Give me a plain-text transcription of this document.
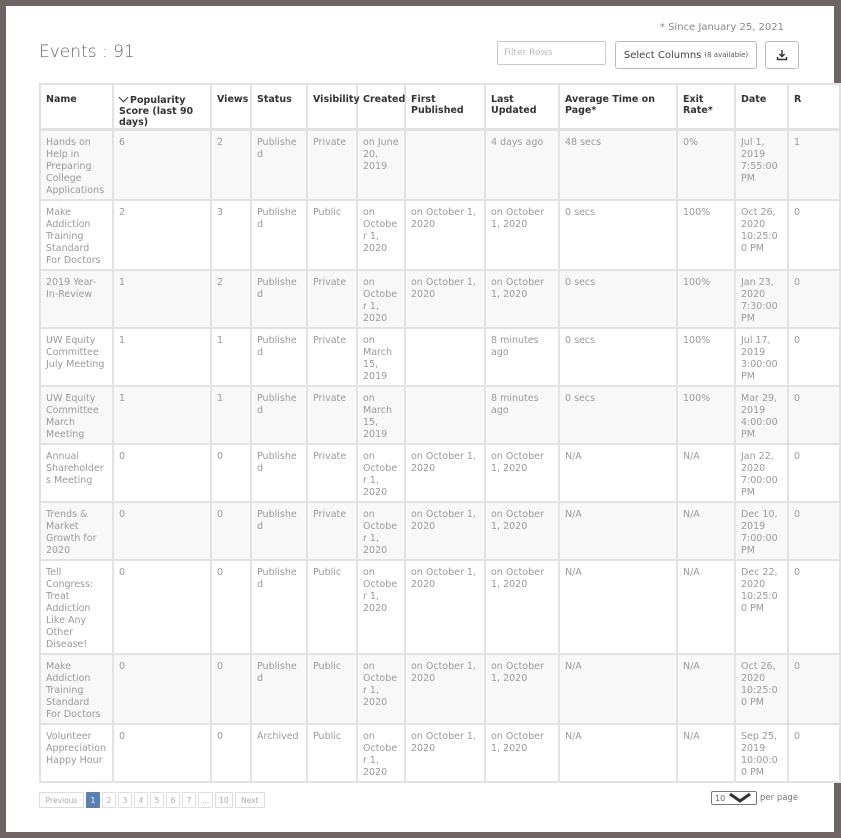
* Since January 25, 2021
Events : 91
Filter Rows	Select Columns (8 available)
Name	Popularity Score (last 90 days)	Views	Status	Visibility	Created	First Published	Last Updated	Average Time on Page*	Exit Rate*	Date	R
Hands on Help in Preparing College Applications	6	2	Published	Private	on June 20, 2019		4 days ago	48 secs	0%	Jul 1, 2019 7:55:00 PM	1
Make Addiction Training Standard For Doctors	2	3	Published	Public	on October 1, 2020	on October 1, 2020	on October 1, 2020	0 secs	100%	Oct 26, 2020 10:25:00 PM	0
2019 Year-In-Review	1	2	Published	Private	on October 1, 2020	on October 1, 2020	on October 1, 2020	0 secs	100%	Jan 23, 2020 7:30:00 PM	0
UW Equity Committee July Meeting	1	1	Published	Private	on March 15, 2019		8 minutes ago	0 secs	100%	Jul 17, 2019 3:00:00 PM	0
UW Equity Committee March Meeting	1	1	Published	Private	on March 15, 2019		8 minutes ago	0 secs	100%	Mar 29, 2019 4:00:00 PM	0
Annual Shareholders Meeting	0	0	Published	Private	on October 1, 2020	on October 1, 2020	on October 1, 2020	N/A	N/A	Jan 22, 2020 7:00:00 PM	0
Trends & Market Growth for 2020	0	0	Published	Private	on October 1, 2020	on October 1, 2020	on October 1, 2020	N/A	N/A	Dec 10, 2019 7:00:00 PM	0
Tell Congress: Treat Addiction Like Any Other Disease!	0	0	Published	Public	on October 1, 2020	on October 1, 2020	on October 1, 2020	N/A	N/A	Dec 22, 2020 10:25:00 PM	0
Make Addiction Training Standard For Doctors	0	0	Published	Public	on October 1, 2020	on October 1, 2020	on October 1, 2020	N/A	N/A	Oct 26, 2020 10:25:00 PM	0
Volunteer Appreciation Happy Hour	0	0	Archived	Public	on October 1, 2020	on October 1, 2020	on October 1, 2020	N/A	N/A	Sep 25, 2019 10:00:00 PM	0
Previous	1	2	3	4	5	6	7	...	10	Next	10	per page
